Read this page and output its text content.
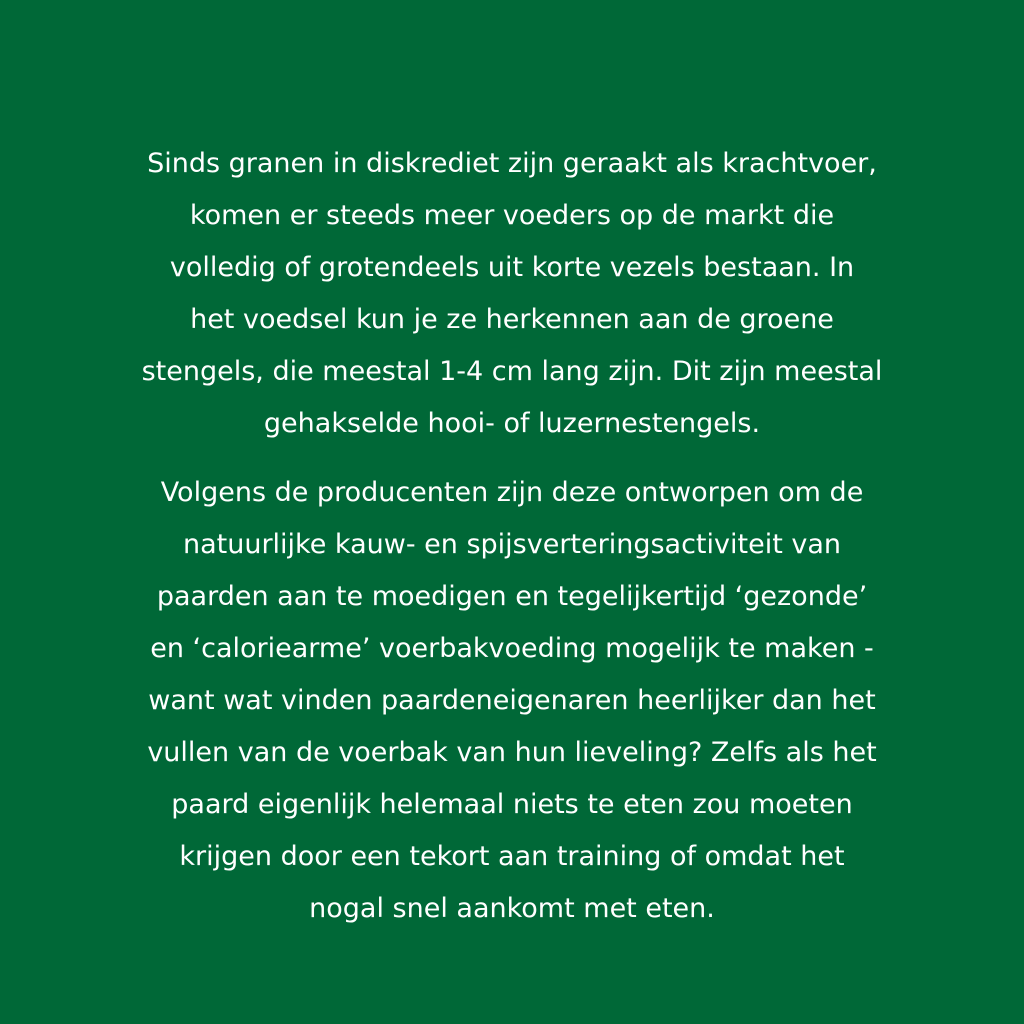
Sinds granen in diskrediet zijn geraakt als krachtvoer,
komen er steeds meer voeders op de markt die
volledig of grotendeels uit korte vezels bestaan. In
het voedsel kun je ze herkennen aan de groene
stengels, die meestal 1-4 cm lang zijn. Dit zijn meestal
gehakselde hooi- of luzernestengels.

Volgens de producenten zijn deze ontworpen om de
natuurlijke kauw- en spijsverteringsactiviteit van
paarden aan te moedigen en tegelijkertijd ‘gezonde’
en ‘caloriearme’ voerbakvoeding mogelijk te maken -
want wat vinden paardeneigenaren heerlijker dan het
vullen van de voerbak van hun lieveling? Zelfs als het
paard eigenlijk helemaal niets te eten zou moeten
krijgen door een tekort aan training of omdat het
nogal snel aankomt met eten.
